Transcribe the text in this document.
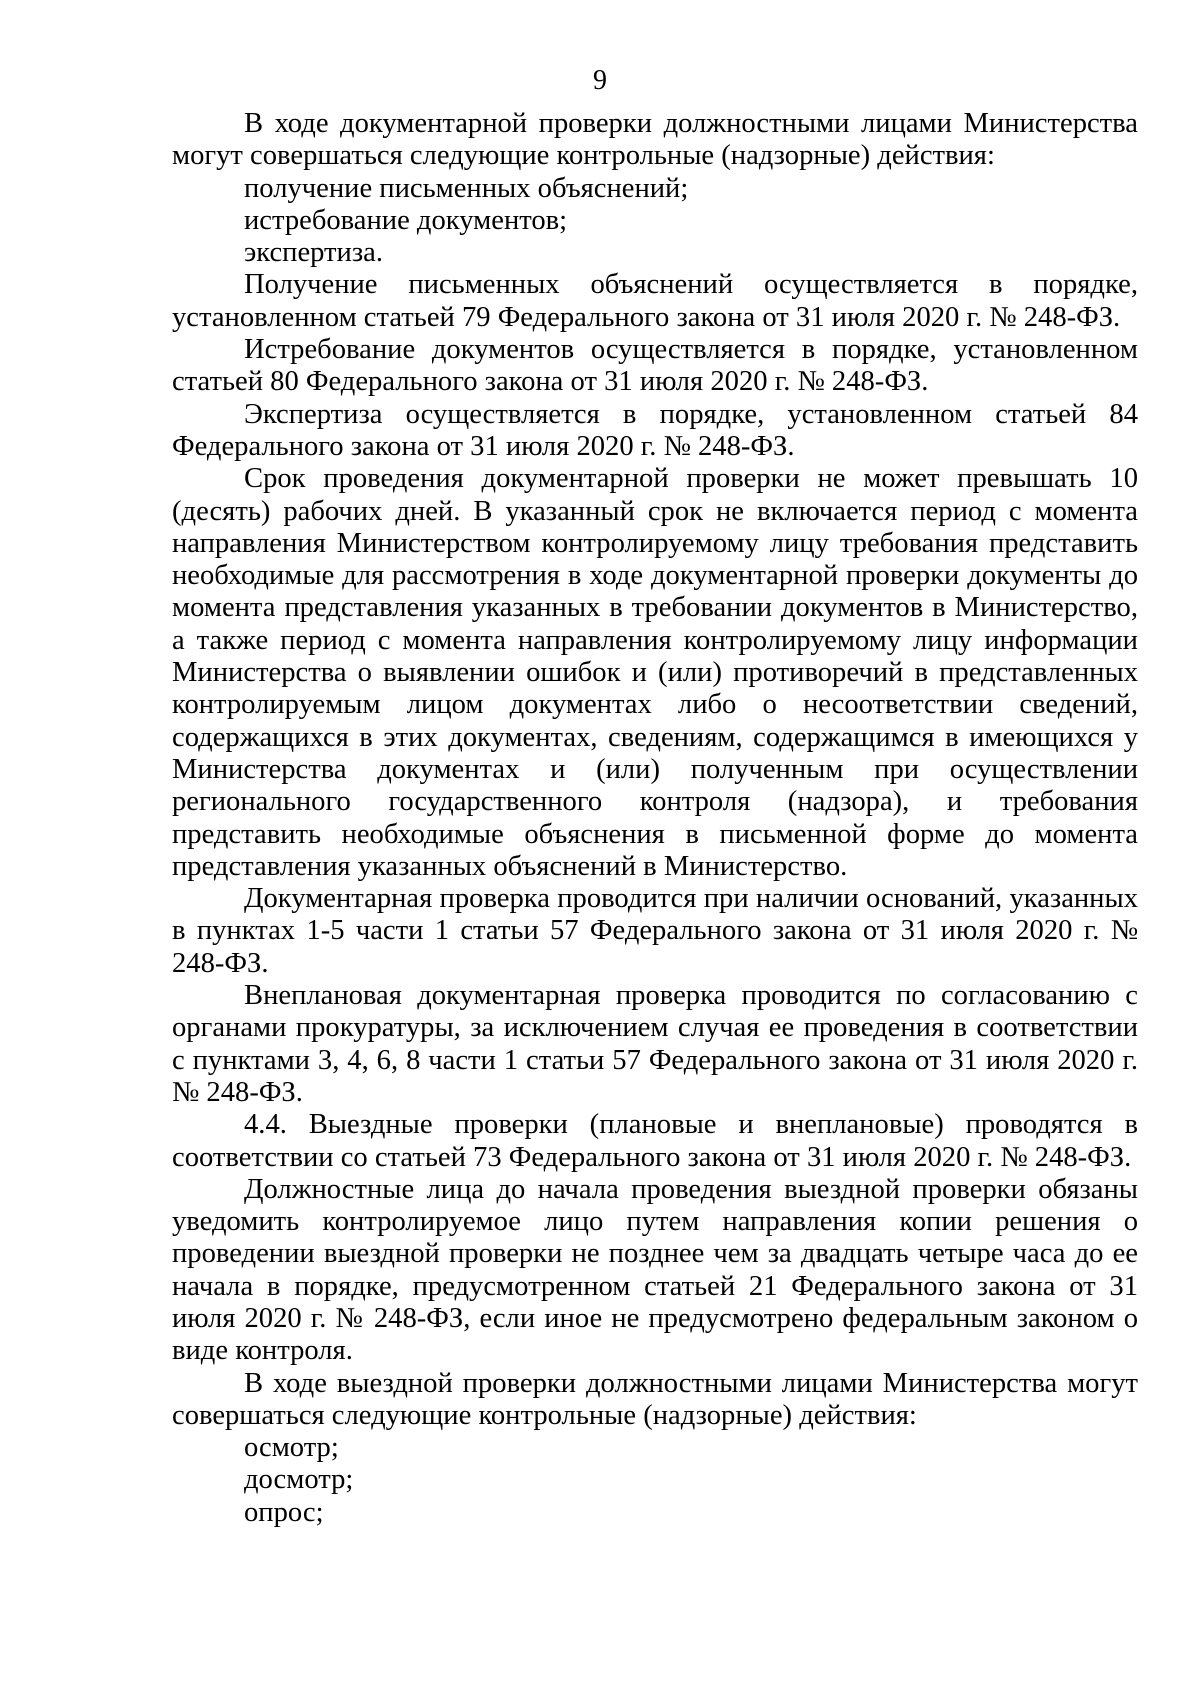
9

В ходе документарной проверки должностными лицами Министерства могут совершаться следующие контрольные (надзорные) действия:

получение письменных объяснений;

истребование документов;

экспертиза.

Получение письменных объяснений осуществляется в порядке, установленном статьей 79 Федерального закона от 31 июля 2020 г. № 248-ФЗ.

Истребование документов осуществляется в порядке, установленном статьей 80 Федерального закона от 31 июля 2020 г. № 248-ФЗ.

Экспертиза осуществляется в порядке, установленном статьей 84 Федерального закона от 31 июля 2020 г. № 248-ФЗ.

Срок проведения документарной проверки не может превышать 10 (десять) рабочих дней. В указанный срок не включается период с момента направления Министерством контролируемому лицу требования представить необходимые для рассмотрения в ходе документарной проверки документы до момента представления указанных в требовании документов в Министерство, а также период с момента направления контролируемому лицу информации Министерства о выявлении ошибок и (или) противоречий в представленных контролируемым лицом документах либо о несоответствии сведений, содержащихся в этих документах, сведениям, содержащимся в имеющихся у Министерства документах и (или) полученным при осуществлении регионального государственного контроля (надзора), и требования представить необходимые объяснения в письменной форме до момента представления указанных объяснений в Министерство.

Документарная проверка проводится при наличии оснований, указанных в пунктах 1-5 части 1 статьи 57 Федерального закона от 31 июля 2020 г. № 248-ФЗ.

Внеплановая документарная проверка проводится по согласованию с органами прокуратуры, за исключением случая ее проведения в соответствии с пунктами 3, 4, 6, 8 части 1 статьи 57 Федерального закона от 31 июля 2020 г. № 248-ФЗ.

4.4. Выездные проверки (плановые и внеплановые) проводятся в соответствии со статьей 73 Федерального закона от 31 июля 2020 г. № 248-ФЗ.

Должностные лица до начала проведения выездной проверки обязаны уведомить контролируемое лицо путем направления копии решения о проведении выездной проверки не позднее чем за двадцать четыре часа до ее начала в порядке, предусмотренном статьей 21 Федерального закона от 31 июля 2020 г. № 248-ФЗ, если иное не предусмотрено федеральным законом о виде контроля.

В ходе выездной проверки должностными лицами Министерства могут совершаться следующие контрольные (надзорные) действия:

осмотр;

досмотр;

опрос;
